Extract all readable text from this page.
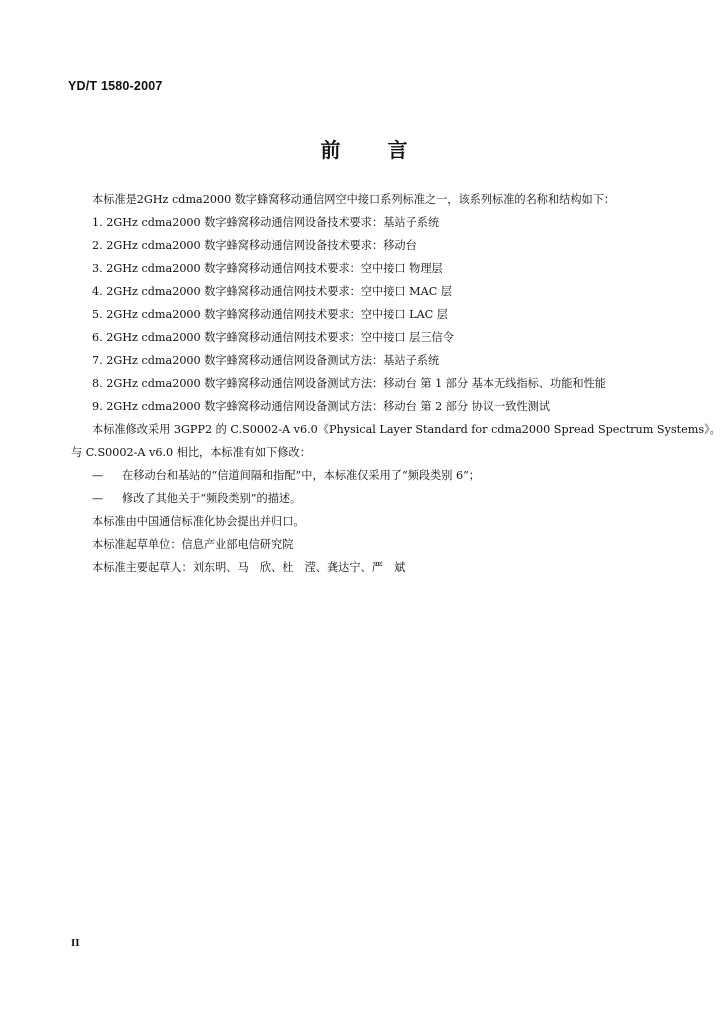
YD/T 1580-2007
前 言
本标准是2GHz cdma2000 数字蜂窝移动通信网空中接口系列标准之一，该系列标准的名称和结构如下：
1. 2GHz cdma2000 数字蜂窝移动通信网设备技术要求：基站子系统
2. 2GHz cdma2000 数字蜂窝移动通信网设备技术要求：移动台
3. 2GHz cdma2000 数字蜂窝移动通信网技术要求：空中接口 物理层
4. 2GHz cdma2000 数字蜂窝移动通信网技术要求：空中接口 MAC 层
5. 2GHz cdma2000 数字蜂窝移动通信网技术要求：空中接口 LAC 层
6. 2GHz cdma2000 数字蜂窝移动通信网技术要求：空中接口 层三信令
7. 2GHz cdma2000 数字蜂窝移动通信网设备测试方法：基站子系统
8. 2GHz cdma2000 数字蜂窝移动通信网设备测试方法：移动台 第 1 部分 基本无线指标、功能和性能
9. 2GHz cdma2000 数字蜂窝移动通信网设备测试方法：移动台 第 2 部分 协议一致性测试
本标准修改采用 3GPP2 的 C.S0002-A v6.0《Physical Layer Standard for cdma2000 Spread Spectrum Systems》。
与 C.S0002-A v6.0 相比，本标准有如下修改：
— 在移动台和基站的“信道间隔和指配”中，本标准仅采用了“频段类别 6”；
— 修改了其他关于“频段类别”的描述。
本标准由中国通信标准化协会提出并归口。
本标准起草单位：信息产业部电信研究院
本标准主要起草人：刘东明、马　欣、杜　滢、龚达宁、严　斌
II
